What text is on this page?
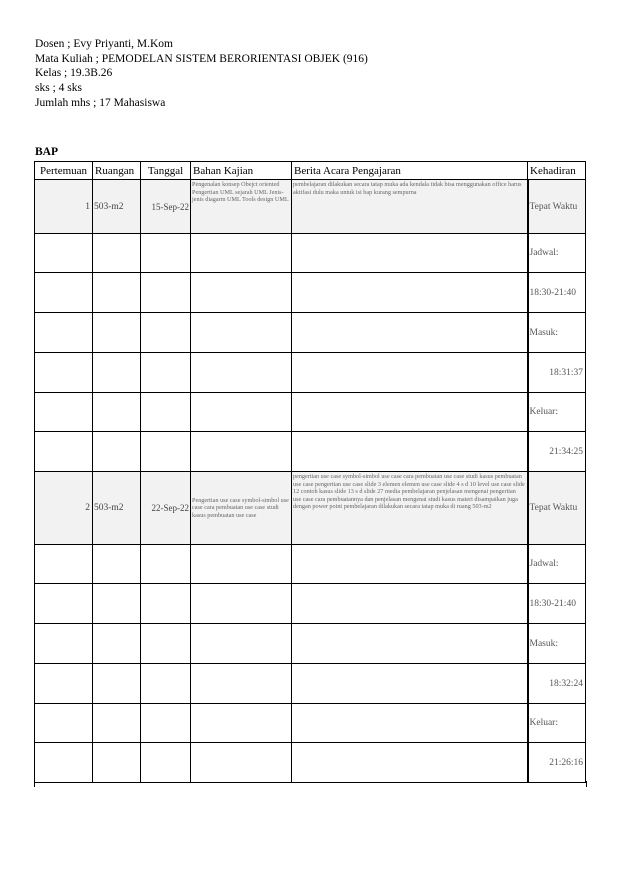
Dosen ; Evy Priyanti, M.Kom
Mata Kuliah ; PEMODELAN SISTEM BERORIENTASI OBJEK (916)
Kelas ; 19.3B.26
sks ; 4 sks
Jumlah mhs ; 17 Mahasiswa
BAP
Pertemuan	Ruangan	Tanggal	Bahan Kajian	Berita Acara Pengajaran	Kehadiran
1	503-m2	15-Sep-22	Pengenalan konsep Obejct oriented Pengertian UML sejarah UML Jenis-jenis diagarm UML Tools design UML	pembelajaran dilakukan secara tatap muka ada kendala tidak bisa menggunakan office harus aktifasi dulu maka untuk isi bap kurang sempurna	Tepat Waktu
					Jadwal:
					18:30-21:40
					Masuk:
					18:31:37
					Keluar:
					21:34:25
2	503-m2	22-Sep-22	Pengertian use case symbol-simbol use case cara pembuatan use case studi kasus pembuatan use case	pengertian use case symbol-simbol use case cara pembuatan use case studi kasus pembuatan use case pengertian use case slide 3 elemen elemen use case slide 4 s d 10 level use case slide 12 contoh kasus slide 13 s d slide 27 media pembelajaran penjelasan mengenai pengertian use case cara pembuatannya dan penjelasan mengenai studi kasus materi disampaikan juga dengan power point pembelajaran dilakukan secara tatap muka di ruang 503-m2	Tepat Waktu
					Jadwal:
					18:30-21:40
					Masuk:
					18:32:24
					Keluar:
					21:26:16
